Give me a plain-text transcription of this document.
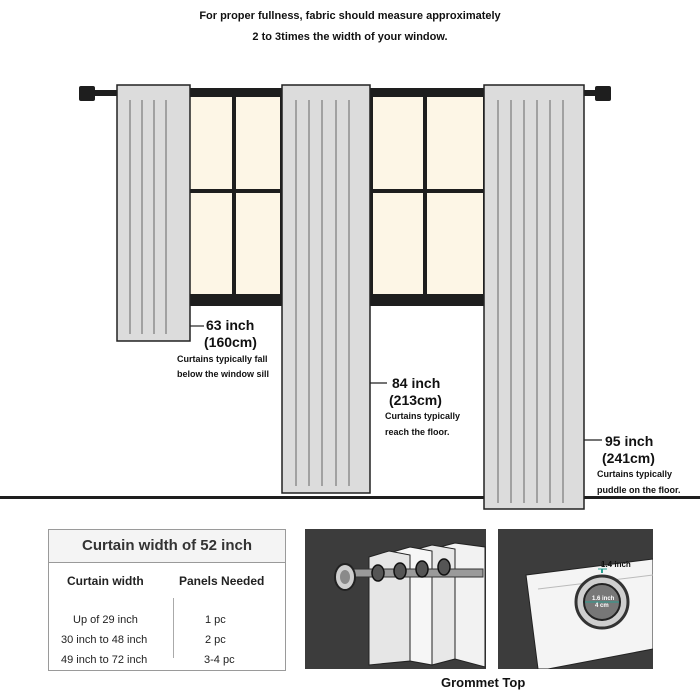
For proper fullness, fabric should measure approximately
2 to 3times the width of your window.
63 inch
(160cm)
Curtains typically fall
below the window sill
84 inch
(213cm)
Curtains typically
reach the floor.
95 inch
(241cm)
Curtains typically
puddle on the floor.
Curtain width of 52 inch
Curtain width	Panels Needed
Up of 29 inch	1 pc
30 inch to 48 inch	2 pc
49 inch to 72 inch	3-4 pc
1.4 inch
1.6 inch
4 cm
Grommet Top
